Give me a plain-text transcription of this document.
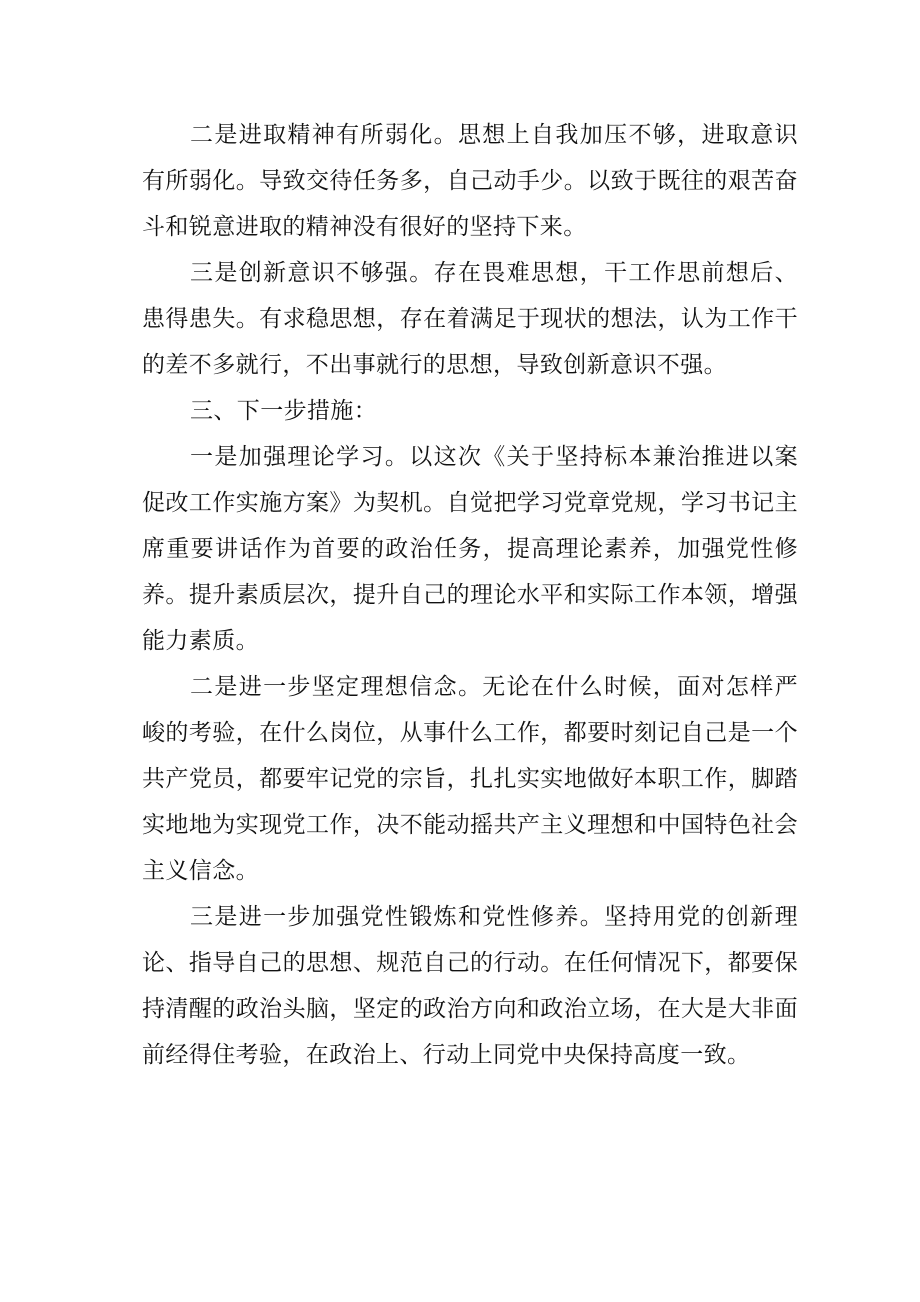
二是进取精神有所弱化。思想上自我加压不够，进取意识有所弱化。导致交待任务多，自己动手少。以致于既往的艰苦奋斗和锐意进取的精神没有很好的坚持下来。

三是创新意识不够强。存在畏难思想，干工作思前想后、患得患失。有求稳思想，存在着满足于现状的想法，认为工作干的差不多就行，不出事就行的思想，导致创新意识不强。

三、下一步措施：

一是加强理论学习。以这次《关于坚持标本兼治推进以案促改工作实施方案》为契机。自觉把学习党章党规，学习书记主席重要讲话作为首要的政治任务，提高理论素养，加强党性修养。提升素质层次，提升自己的理论水平和实际工作本领，增强能力素质。

二是进一步坚定理想信念。无论在什么时候，面对怎样严峻的考验，在什么岗位，从事什么工作，都要时刻记自己是一个共产党员，都要牢记党的宗旨，扎扎实实地做好本职工作，脚踏实地地为实现党工作，决不能动摇共产主义理想和中国特色社会主义信念。

三是进一步加强党性锻炼和党性修养。坚持用党的创新理论、指导自己的思想、规范自己的行动。在任何情况下，都要保持清醒的政治头脑，坚定的政治方向和政治立场，在大是大非面前经得住考验，在政治上、行动上同党中央保持高度一致。
